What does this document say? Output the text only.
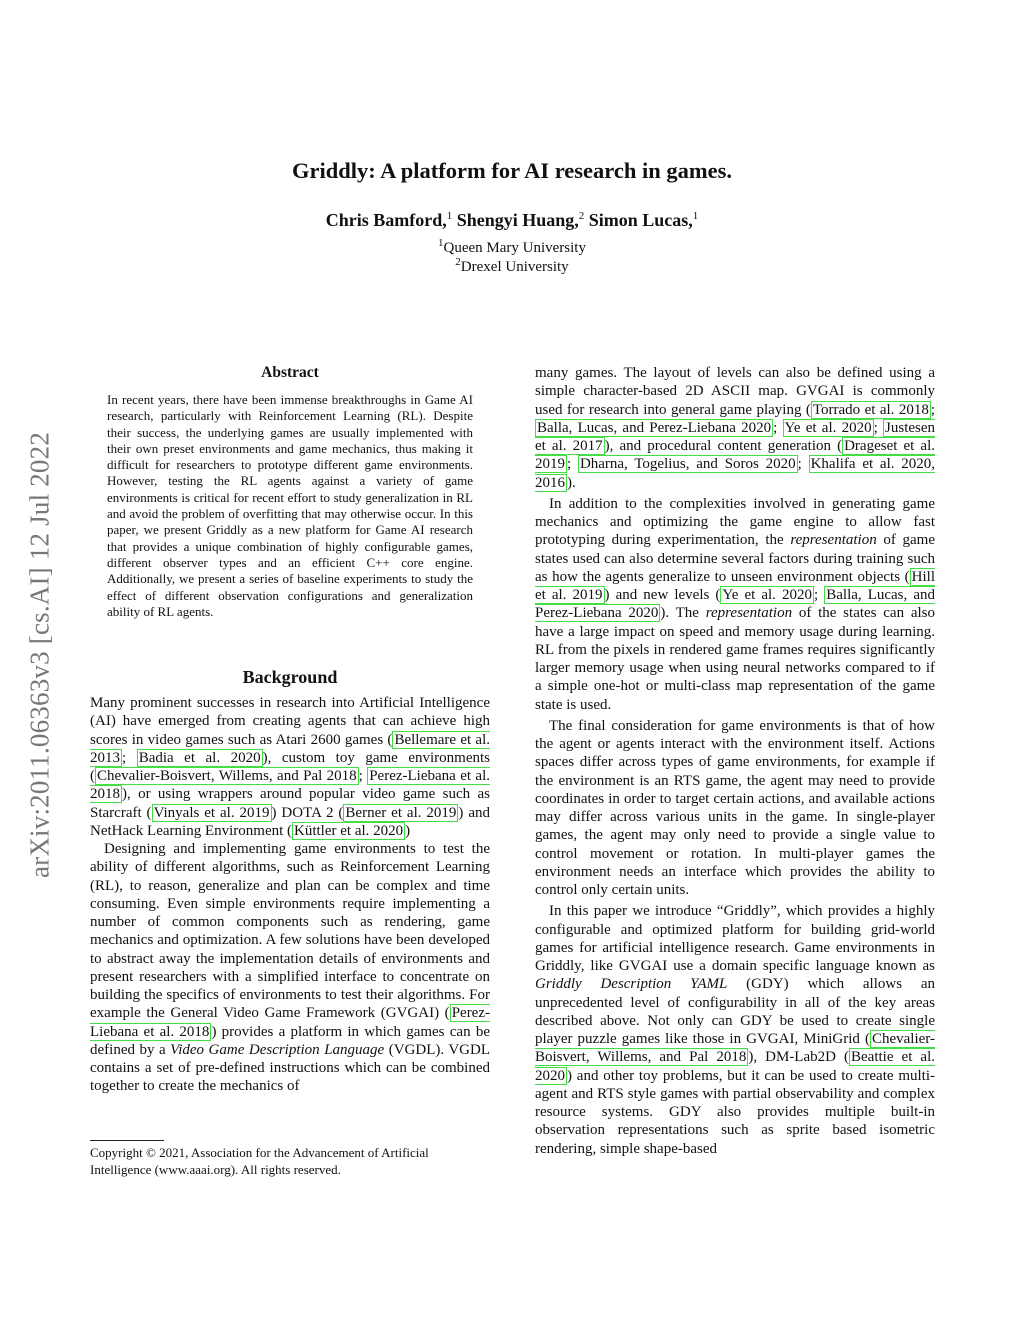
arXiv:2011.06363v3 [cs.AI] 12 Jul 2022
Griddly: A platform for AI research in games.
Chris Bamford,$^1$ Shengyi Huang,$^2$ Simon Lucas,$^1$
$^1$Queen Mary University
$^2$Drexel University
Abstract
In recent years, there have been immense breakthroughs in Game AI research, particularly with Reinforcement Learning (RL). Despite their success, the underlying games are usually implemented with their own preset environments and game mechanics, thus making it difficult for researchers to prototype different game environments. However, testing the RL agents against a variety of game environments is critical for recent effort to study generalization in RL and avoid the problem of overfitting that may otherwise occur. In this paper, we present Griddly as a new platform for Game AI research that provides a unique combination of highly configurable games, different observer types and an efficient C++ core engine. Additionally, we present a series of baseline experiments to study the effect of different observation configurations and generalization ability of RL agents.
Background

Many prominent successes in research into Artificial Intelligence (AI) have emerged from creating agents that can achieve high scores in video games such as Atari 2600 games ( Bellemare et al. 2013 ; Badia et al. 2020 ), custom toy game environments ( Chevalier-Boisvert, Willems, and Pal 2018 ; Perez-Liebana et al. 2018 ), or using wrappers around popular video game such as Starcraft ( Vinyals et al. 2019 ) DOTA 2 ( Berner et al. 2019 ) and NetHack Learning Environment ( Küttler et al. 2020 )

Designing and implementing game environments to test the ability of different algorithms, such as Reinforcement Learning (RL), to reason, generalize and plan can be complex and time consuming. Even simple environments require implementing a number of common components such as rendering, game mechanics and optimization. A few solutions have been developed to abstract away the implementation details of environments and present researchers with a simplified interface to concentrate on building the specifics of environments to test their algorithms. For example the General Video Game Framework (GVGAI) ( Perez-Liebana et al. 2018 ) provides a platform in which games can be defined by a Video Game Description Language (VGDL). VGDL contains a set of pre-defined instructions which can be combined together to create the mechanics of

Copyright © 2021, Association for the Advancement of Artificial Intelligence (www.aaai.org). All rights reserved.

many games. The layout of levels can also be defined using a simple character-based 2D ASCII map. GVGAI is commonly used for research into general game playing ( Torrado et al. 2018 ; Balla, Lucas, and Perez-Liebana 2020 ; Ye et al. 2020 ; Justesen et al. 2017 ), and procedural content generation ( Drageset et al. 2019 ; Dharna, Togelius, and Soros 2020 ; Khalifa et al. 2020, 2016 ).

In addition to the complexities involved in generating game mechanics and optimizing the game engine to allow fast prototyping during experimentation, the representation of game states used can also determine several factors during training such as how the agents generalize to unseen environment objects ( Hill et al. 2019 ) and new levels ( Ye et al. 2020 ; Balla, Lucas, and Perez-Liebana 2020 ). The representation of the states can also have a large impact on speed and memory usage during learning. RL from the pixels in rendered game frames requires significantly larger memory usage when using neural networks compared to if a simple one-hot or multi-class map representation of the game state is used.

The final consideration for game environments is that of how the agent or agents interact with the environment itself. Actions spaces differ across types of game environments, for example if the environment is an RTS game, the agent may need to provide coordinates in order to target certain actions, and available actions may differ across various units in the game. In single-player games, the agent may only need to provide a single value to control movement or rotation. In multi-player games the environment needs an interface which provides the ability to control only certain units.

In this paper we introduce “Griddly”, which provides a highly configurable and optimized platform for building grid-world games for artificial intelligence research. Game environments in Griddly, like GVGAI use a domain specific language known as Griddly Description YAML (GDY) which allows an unprecedented level of configurability in all of the key areas described above. Not only can GDY be used to create single player puzzle games like those in GVGAI, MiniGrid ( Chevalier-Boisvert, Willems, and Pal 2018 ), DM-Lab2D ( Beattie et al. 2020 ) and other toy problems, but it can be used to create multi-agent and RTS style games with partial observability and complex resource systems. GDY also provides multiple built-in observation representations such as sprite based isometric rendering, simple shape-based
